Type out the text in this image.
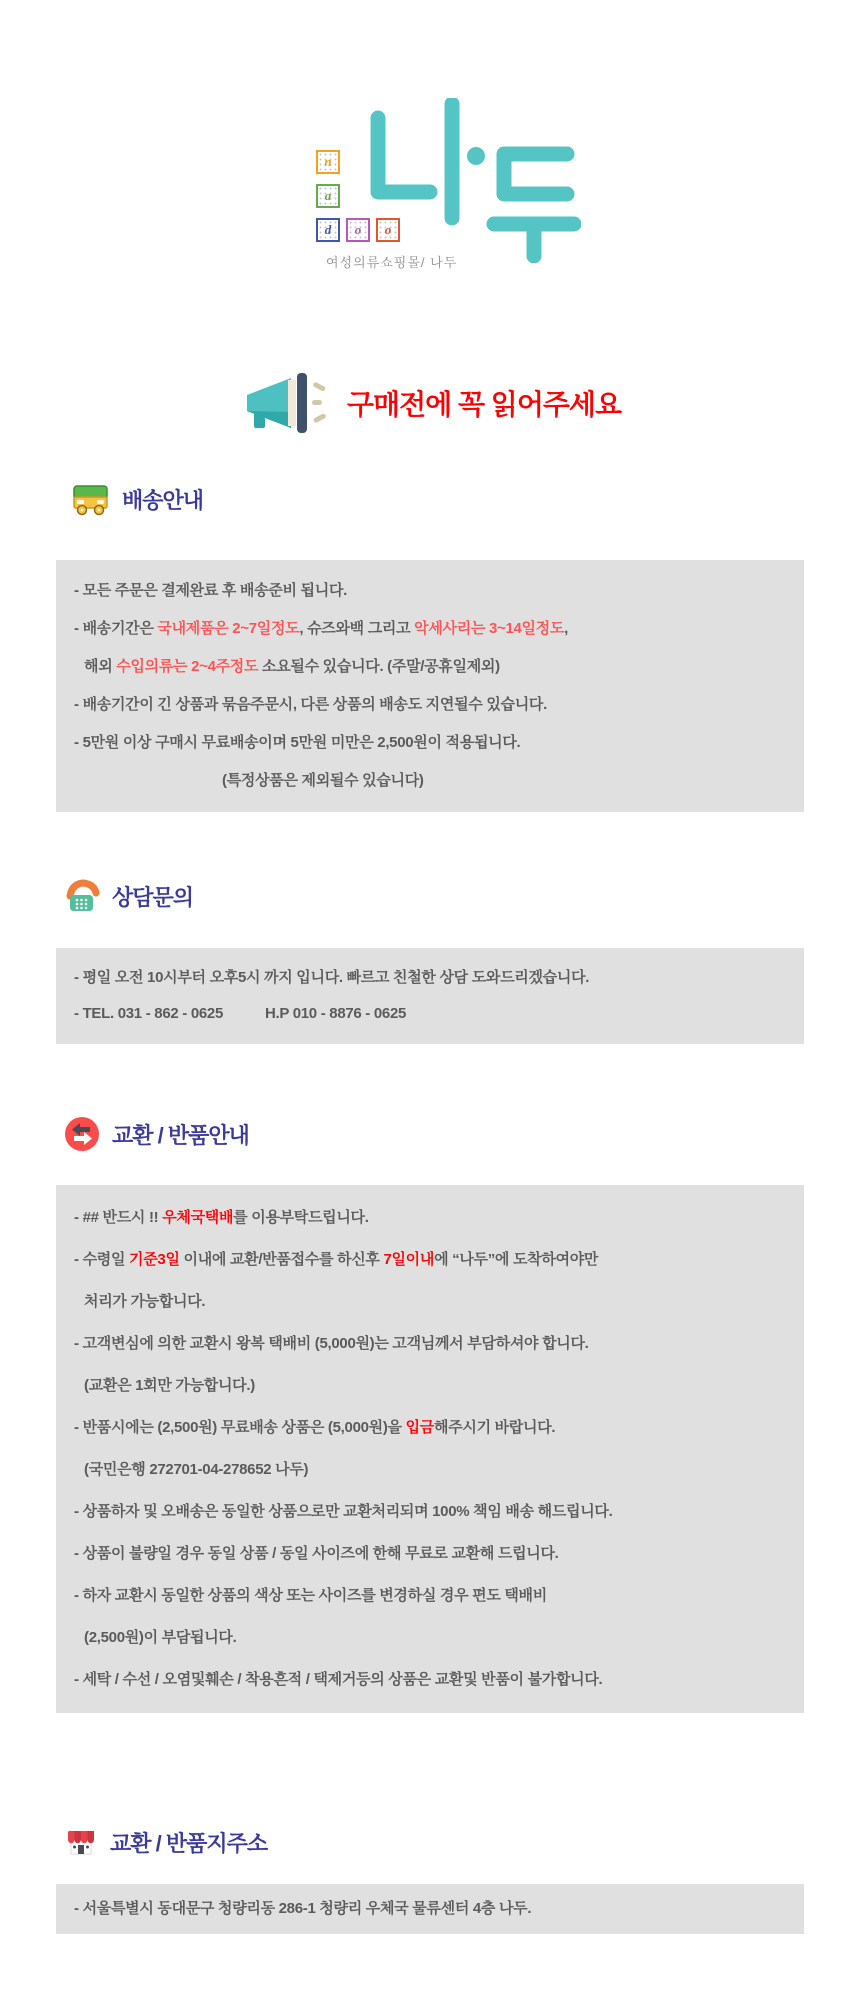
n
a
d	o	o
여성의류쇼핑몰/ 나두
구매전에 꼭 읽어주세요
배송안내

- 모든 주문은 결제완료 후 배송준비 됩니다.

- 배송기간은 국내제품은 2~7일정도, 슈즈와백 그리고 악세사리는 3~14일정도,

해외 수입의류는 2~4주정도 소요될수 있습니다. (주말/공휴일제외)

- 배송기간이 긴 상품과 묶음주문시, 다른 상품의 배송도 지연될수 있습니다.

- 5만원 이상 구매시 무료배송이며 5만원 미만은 2,500원이 적용됩니다.

(특정상품은 제외될수 있습니다)

상담문의

- 평일 오전 10시부터 오후5시 까지 입니다. 빠르고 친철한 상담 도와드리겠습니다.

- TEL. 031 - 862 - 0625	H.P 010 - 8876 - 0625

교환 / 반품안내

- ## 반드시 !! 우체국택배를 이용부탁드립니다.

- 수령일 기준3일 이내에 교환/반품접수를 하신후 7일이내에 “나두”에 도착하여야만

처리가 가능합니다.

- 고객변심에 의한 교환시 왕복 택배비 (5,000원)는 고객님께서 부담하셔야 합니다.

(교환은 1회만 가능합니다.)

- 반품시에는 (2,500원) 무료배송 상품은 (5,000원)을 입금해주시기 바랍니다.

(국민은행 272701-04-278652 나두)

- 상품하자 및 오배송은 동일한 상품으로만 교환처리되며 100% 책임 배송 해드립니다.

- 상품이 불량일 경우 동일 상품 / 동일 사이즈에 한해 무료로 교환해 드립니다.

- 하자 교환시 동일한 상품의 색상 또는 사이즈를 변경하실 경우 편도 택배비

(2,500원)이 부담됩니다.

- 세탁 / 수선 / 오염및훼손 / 착용흔적 / 택제거등의 상품은 교환및 반품이 불가합니다.

교환 / 반품지주소

- 서울특별시 동대문구 청량리동 286-1 청량리 우체국 물류센터 4층 나두.
